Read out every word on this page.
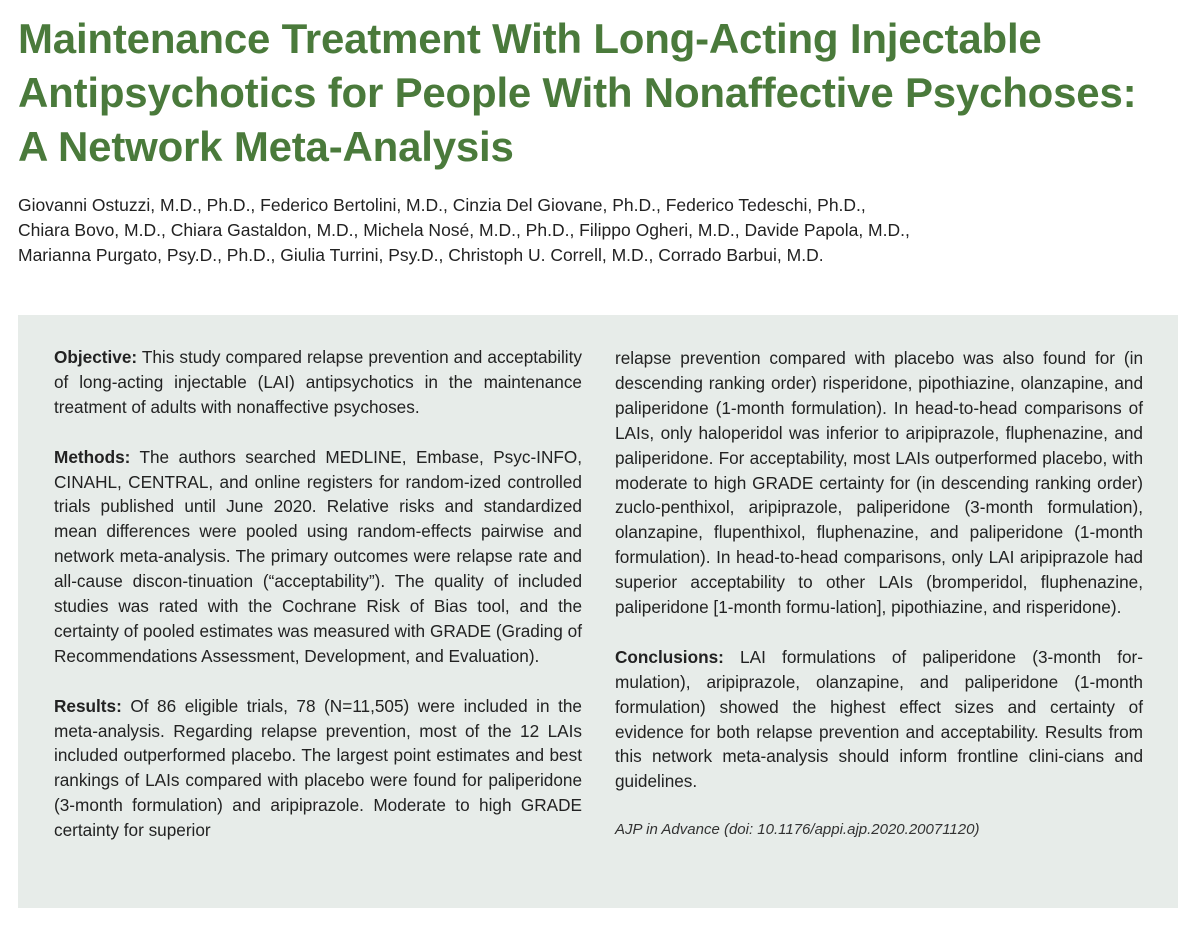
Maintenance Treatment With Long-Acting Injectable
Antipsychotics for People With Nonaffective Psychoses:
A Network Meta-Analysis
Giovanni Ostuzzi, M.D., Ph.D., Federico Bertolini, M.D., Cinzia Del Giovane, Ph.D., Federico Tedeschi, Ph.D.,
Chiara Bovo, M.D., Chiara Gastaldon, M.D., Michela Nosé, M.D., Ph.D., Filippo Ogheri, M.D., Davide Papola, M.D.,
Marianna Purgato, Psy.D., Ph.D., Giulia Turrini, Psy.D., Christoph U. Correll, M.D., Corrado Barbui, M.D.

Objective: This study compared relapse prevention and acceptability of long-acting injectable (LAI) antipsychotics in the maintenance treatment of adults with nonaffective psychoses.

Methods: The authors searched MEDLINE, Embase, Psyc-INFO, CINAHL, CENTRAL, and online registers for random-ized controlled trials published until June 2020. Relative risks and standardized mean differences were pooled using random-effects pairwise and network meta-analysis. The primary outcomes were relapse rate and all-cause discon-tinuation (“acceptability”). The quality of included studies was rated with the Cochrane Risk of Bias tool, and the certainty of pooled estimates was measured with GRADE (Grading of Recommendations Assessment, Development, and Evaluation).

Results: Of 86 eligible trials, 78 (N=11,505) were included in the meta-analysis. Regarding relapse prevention, most of the 12 LAIs included outperformed placebo. The largest point estimates and best rankings of LAIs compared with placebo were found for paliperidone (3-month formulation) and aripiprazole. Moderate to high GRADE certainty for superior

relapse prevention compared with placebo was also found for (in descending ranking order) risperidone, pipothiazine, olanzapine, and paliperidone (1-month formulation). In head-to-head comparisons of LAIs, only haloperidol was inferior to aripiprazole, fluphenazine, and paliperidone. For acceptability, most LAIs outperformed placebo, with moderate to high GRADE certainty for (in descending ranking order) zuclo-penthixol, aripiprazole, paliperidone (3-month formulation), olanzapine, flupenthixol, fluphenazine, and paliperidone (1-month formulation). In head-to-head comparisons, only LAI aripiprazole had superior acceptability to other LAIs (bromperidol, fluphenazine, paliperidone [1-month formu-lation], pipothiazine, and risperidone).

Conclusions: LAI formulations of paliperidone (3-month for-mulation), aripiprazole, olanzapine, and paliperidone (1-month formulation) showed the highest effect sizes and certainty of evidence for both relapse prevention and acceptability. Results from this network meta-analysis should inform frontline clini-cians and guidelines.

AJP in Advance (doi: 10.1176/appi.ajp.2020.20071120)
